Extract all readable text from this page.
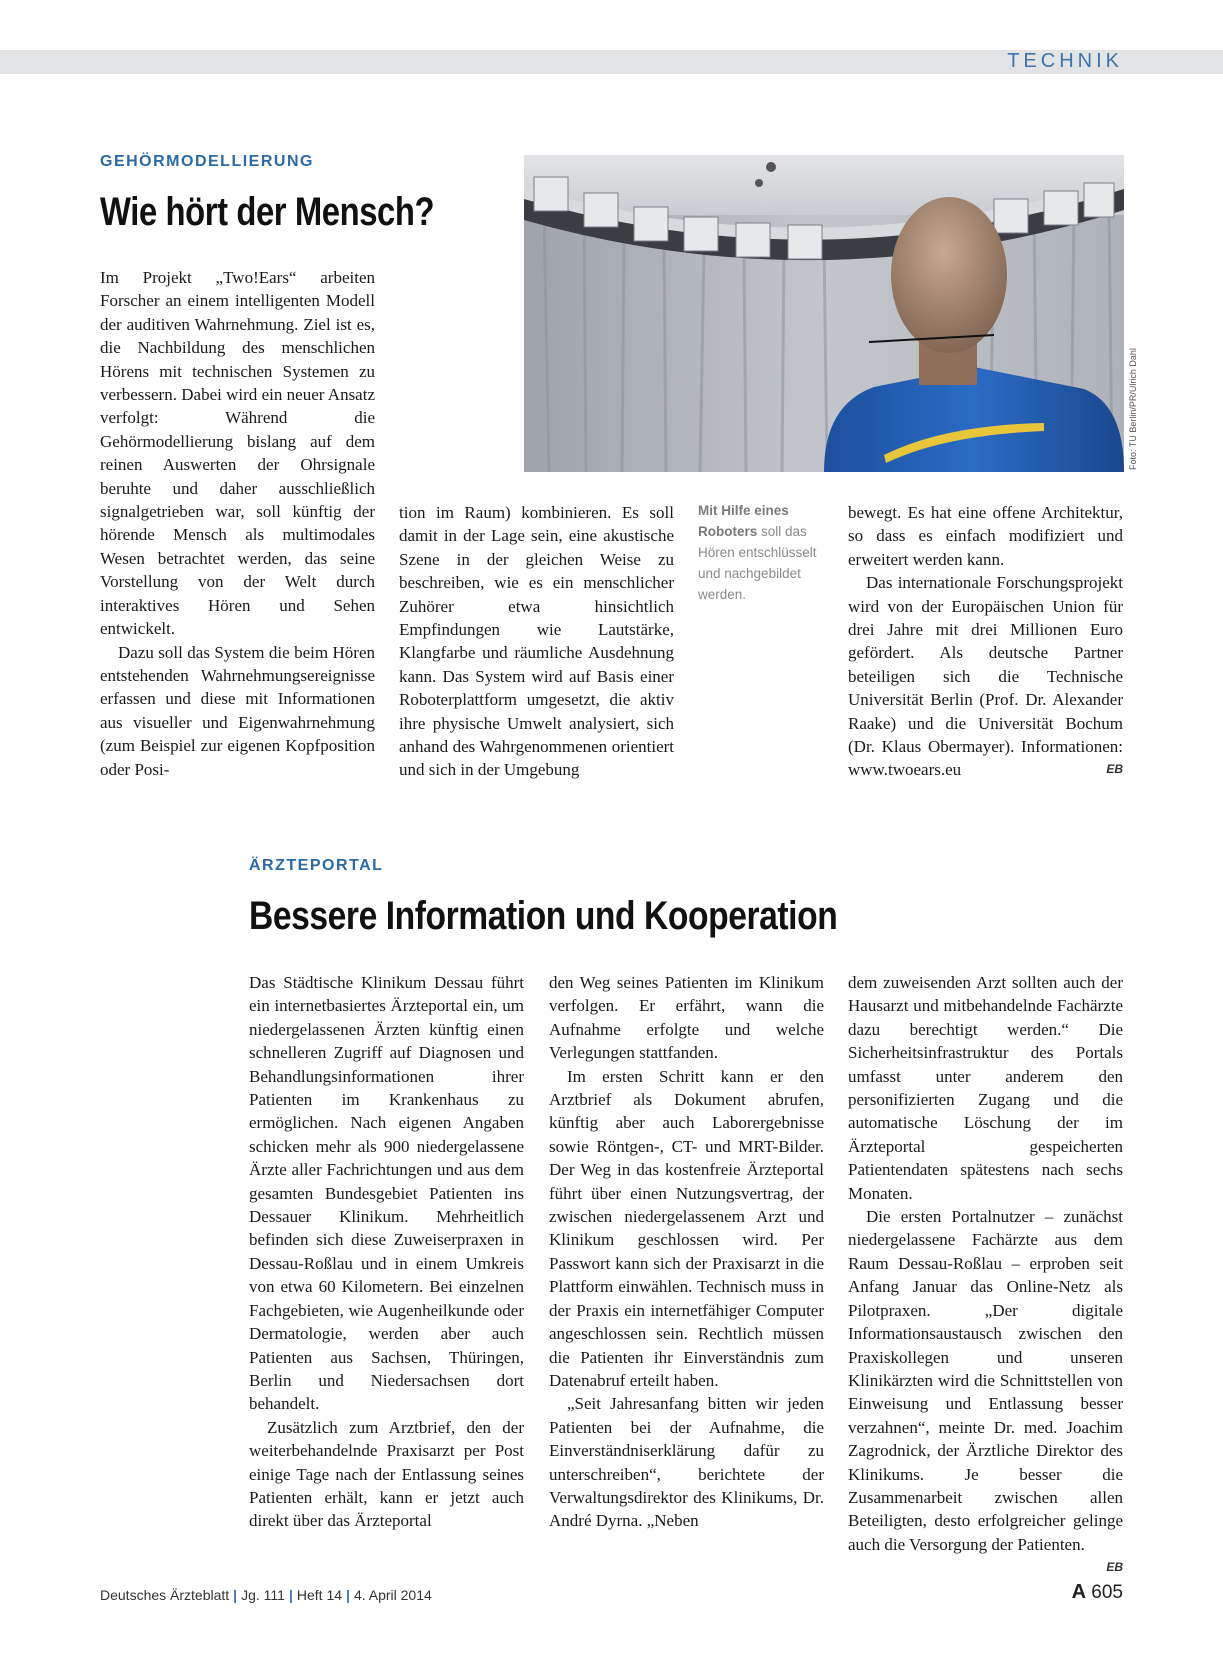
TECHNIK
GEHÖRMODELLIERUNG
Wie hört der Mensch?
Foto: TU Berlin/PR/Ulrich Dahl

Im Projekt „Two!Ears“ arbeiten Forscher an einem intelligenten Modell der auditiven Wahrnehmung. Ziel ist es, die Nachbildung des menschlichen Hörens mit technischen Systemen zu verbessern. Dabei wird ein neuer Ansatz verfolgt: Während die Gehörmodellierung bislang auf dem reinen Auswerten der Ohrsignale beruhte und daher ausschließlich signalgetrieben war, soll künftig der hörende Mensch als multimodales Wesen betrachtet werden, das seine Vorstellung von der Welt durch interaktives Hören und Sehen entwickelt.

Dazu soll das System die beim Hören entstehenden Wahrnehmungsereignisse erfassen und diese mit Informationen aus visueller und Eigenwahrnehmung (zum Beispiel zur eigenen Kopfposition oder Posi-

tion im Raum) kombinieren. Es soll damit in der Lage sein, eine akustische Szene in der gleichen Weise zu beschreiben, wie es ein menschlicher Zuhörer etwa hinsichtlich Empfindungen wie Lautstärke, Klangfarbe und räumliche Ausdehnung kann. Das System wird auf Basis einer Roboterplattform umgesetzt, die aktiv ihre physische Umwelt analysiert, sich anhand des Wahrgenommenen orientiert und sich in der Umgebung

Mit Hilfe eines Roboters soll das Hören entschlüsselt und nachgebildet werden.

bewegt. Es hat eine offene Architektur, so dass es einfach modifiziert und erweitert werden kann.

Das internationale Forschungsprojekt wird von der Europäischen Union für drei Jahre mit drei Millionen Euro gefördert. Als deutsche Partner beteiligen sich die Technische Universität Berlin (Prof. Dr. Alexander Raake) und die Universität Bochum (Dr. Klaus Obermayer). Informationen: www.twoears.eu	EB

ÄRZTEPORTAL
Bessere Information und Kooperation

Das Städtische Klinikum Dessau führt ein internetbasiertes Ärzteportal ein, um niedergelassenen Ärzten künftig einen schnelleren Zugriff auf Diagnosen und Behandlungsinformationen ihrer Patienten im Krankenhaus zu ermöglichen. Nach eigenen Angaben schicken mehr als 900 niedergelassene Ärzte aller Fachrichtungen und aus dem gesamten Bundesgebiet Patienten ins Dessauer Klinikum. Mehrheitlich befinden sich diese Zuweiserpraxen in Dessau-Roßlau und in einem Umkreis von etwa 60 Kilometern. Bei einzelnen Fachgebieten, wie Augenheilkunde oder Dermatologie, werden aber auch Patienten aus Sachsen, Thüringen, Berlin und Niedersachsen dort behandelt.

Zusätzlich zum Arztbrief, den der weiterbehandelnde Praxisarzt per Post einige Tage nach der Entlassung seines Patienten erhält, kann er jetzt auch direkt über das Ärzteportal

den Weg seines Patienten im Klinikum verfolgen. Er erfährt, wann die Aufnahme erfolgte und welche Verlegungen stattfanden.

Im ersten Schritt kann er den Arztbrief als Dokument abrufen, künftig aber auch Laborergebnisse sowie Röntgen-, CT- und MRT-Bilder. Der Weg in das kostenfreie Ärzteportal führt über einen Nutzungsvertrag, der zwischen niedergelassenem Arzt und Klinikum geschlossen wird. Per Passwort kann sich der Praxisarzt in die Plattform einwählen. Technisch muss in der Praxis ein internetfähiger Computer angeschlossen sein. Rechtlich müssen die Patienten ihr Einverständnis zum Datenabruf erteilt haben.

„Seit Jahresanfang bitten wir jeden Patienten bei der Aufnahme, die Einverständniserklärung dafür zu unterschreiben“, berichtete der Verwaltungsdirektor des Klinikums, Dr. André Dyrna. „Neben

dem zuweisenden Arzt sollten auch der Hausarzt und mitbehandelnde Fachärzte dazu berechtigt werden.“ Die Sicherheitsinfrastruktur des Portals umfasst unter anderem den personifizierten Zugang und die automatische Löschung der im Ärzteportal gespeicherten Patientendaten spätestens nach sechs Monaten.

Die ersten Portalnutzer – zunächst niedergelassene Fachärzte aus dem Raum Dessau-Roßlau – erproben seit Anfang Januar das Online-Netz als Pilotpraxen. „Der digitale Informationsaustausch zwischen den Praxiskollegen und unseren Klinikärzten wird die Schnittstellen von Einweisung und Entlassung besser verzahnen“, meinte Dr. med. Joachim Zagrodnick, der Ärztliche Direktor des Klinikums. Je besser die Zusammenarbeit zwischen allen Beteiligten, desto erfolgreicher gelinge auch die Versorgung der Patienten.
EB

Deutsches Ärzteblatt | Jg. 111 | Heft 14 | 4. April 2014	A 605
